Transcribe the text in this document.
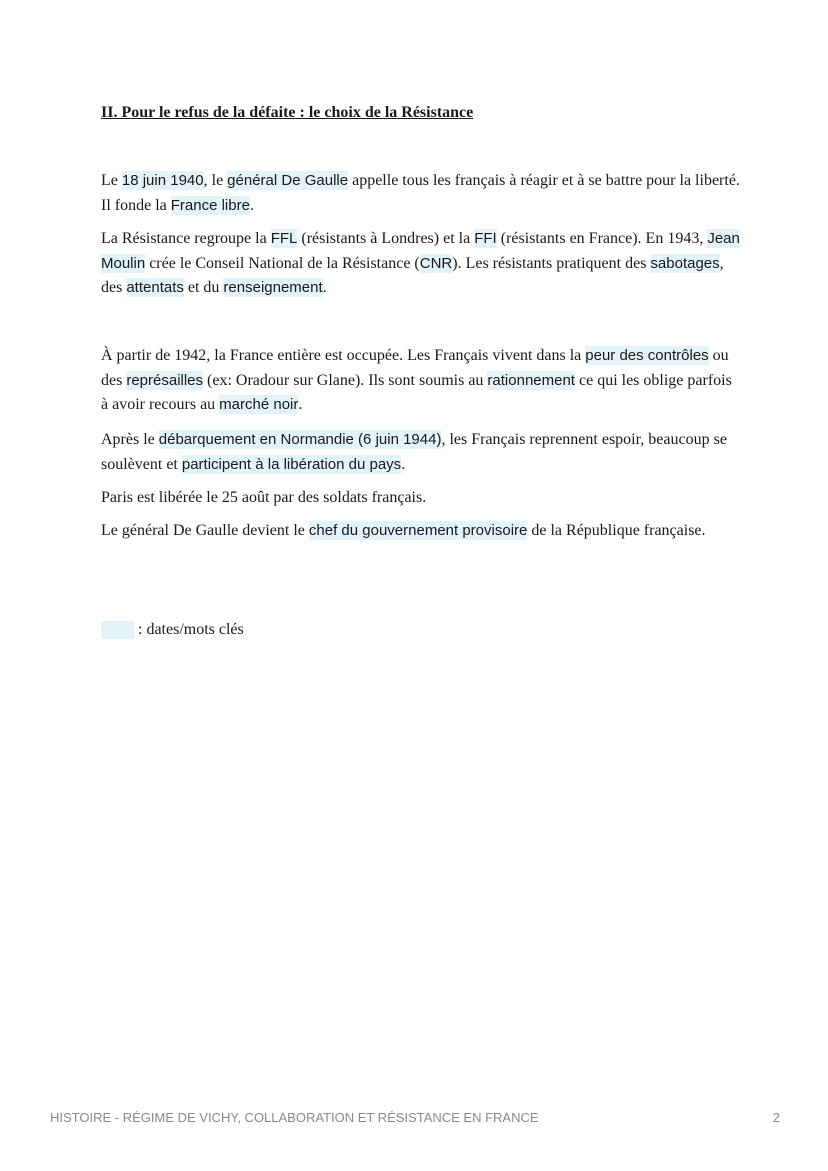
II. Pour le refus de la défaite : le choix de la Résistance

Le 18 juin 1940, le général De Gaulle appelle tous les français à réagir et à se battre pour la liberté. Il fonde la France libre.

La Résistance regroupe la FFL (résistants à Londres) et la FFI (résistants en France). En 1943, Jean Moulin crée le Conseil National de la Résistance (CNR). Les résistants pratiquent des sabotages, des attentats et du renseignement.

À partir de 1942, la France entière est occupée. Les Français vivent dans la peur des contrôles ou des représailles (ex: Oradour sur Glane). Ils sont soumis au rationnement ce qui les oblige parfois à avoir recours au marché noir.

Après le débarquement en Normandie (6 juin 1944), les Français reprennent espoir, beaucoup se soulèvent et participent à la libération du pays.

Paris est libérée le 25 août par des soldats français.

Le général De Gaulle devient le chef du gouvernement provisoire de la République française.

: dates/mots clés
HISTOIRE - RÉGIME DE VICHY, COLLABORATION ET RÉSISTANCE EN FRANCE	2
